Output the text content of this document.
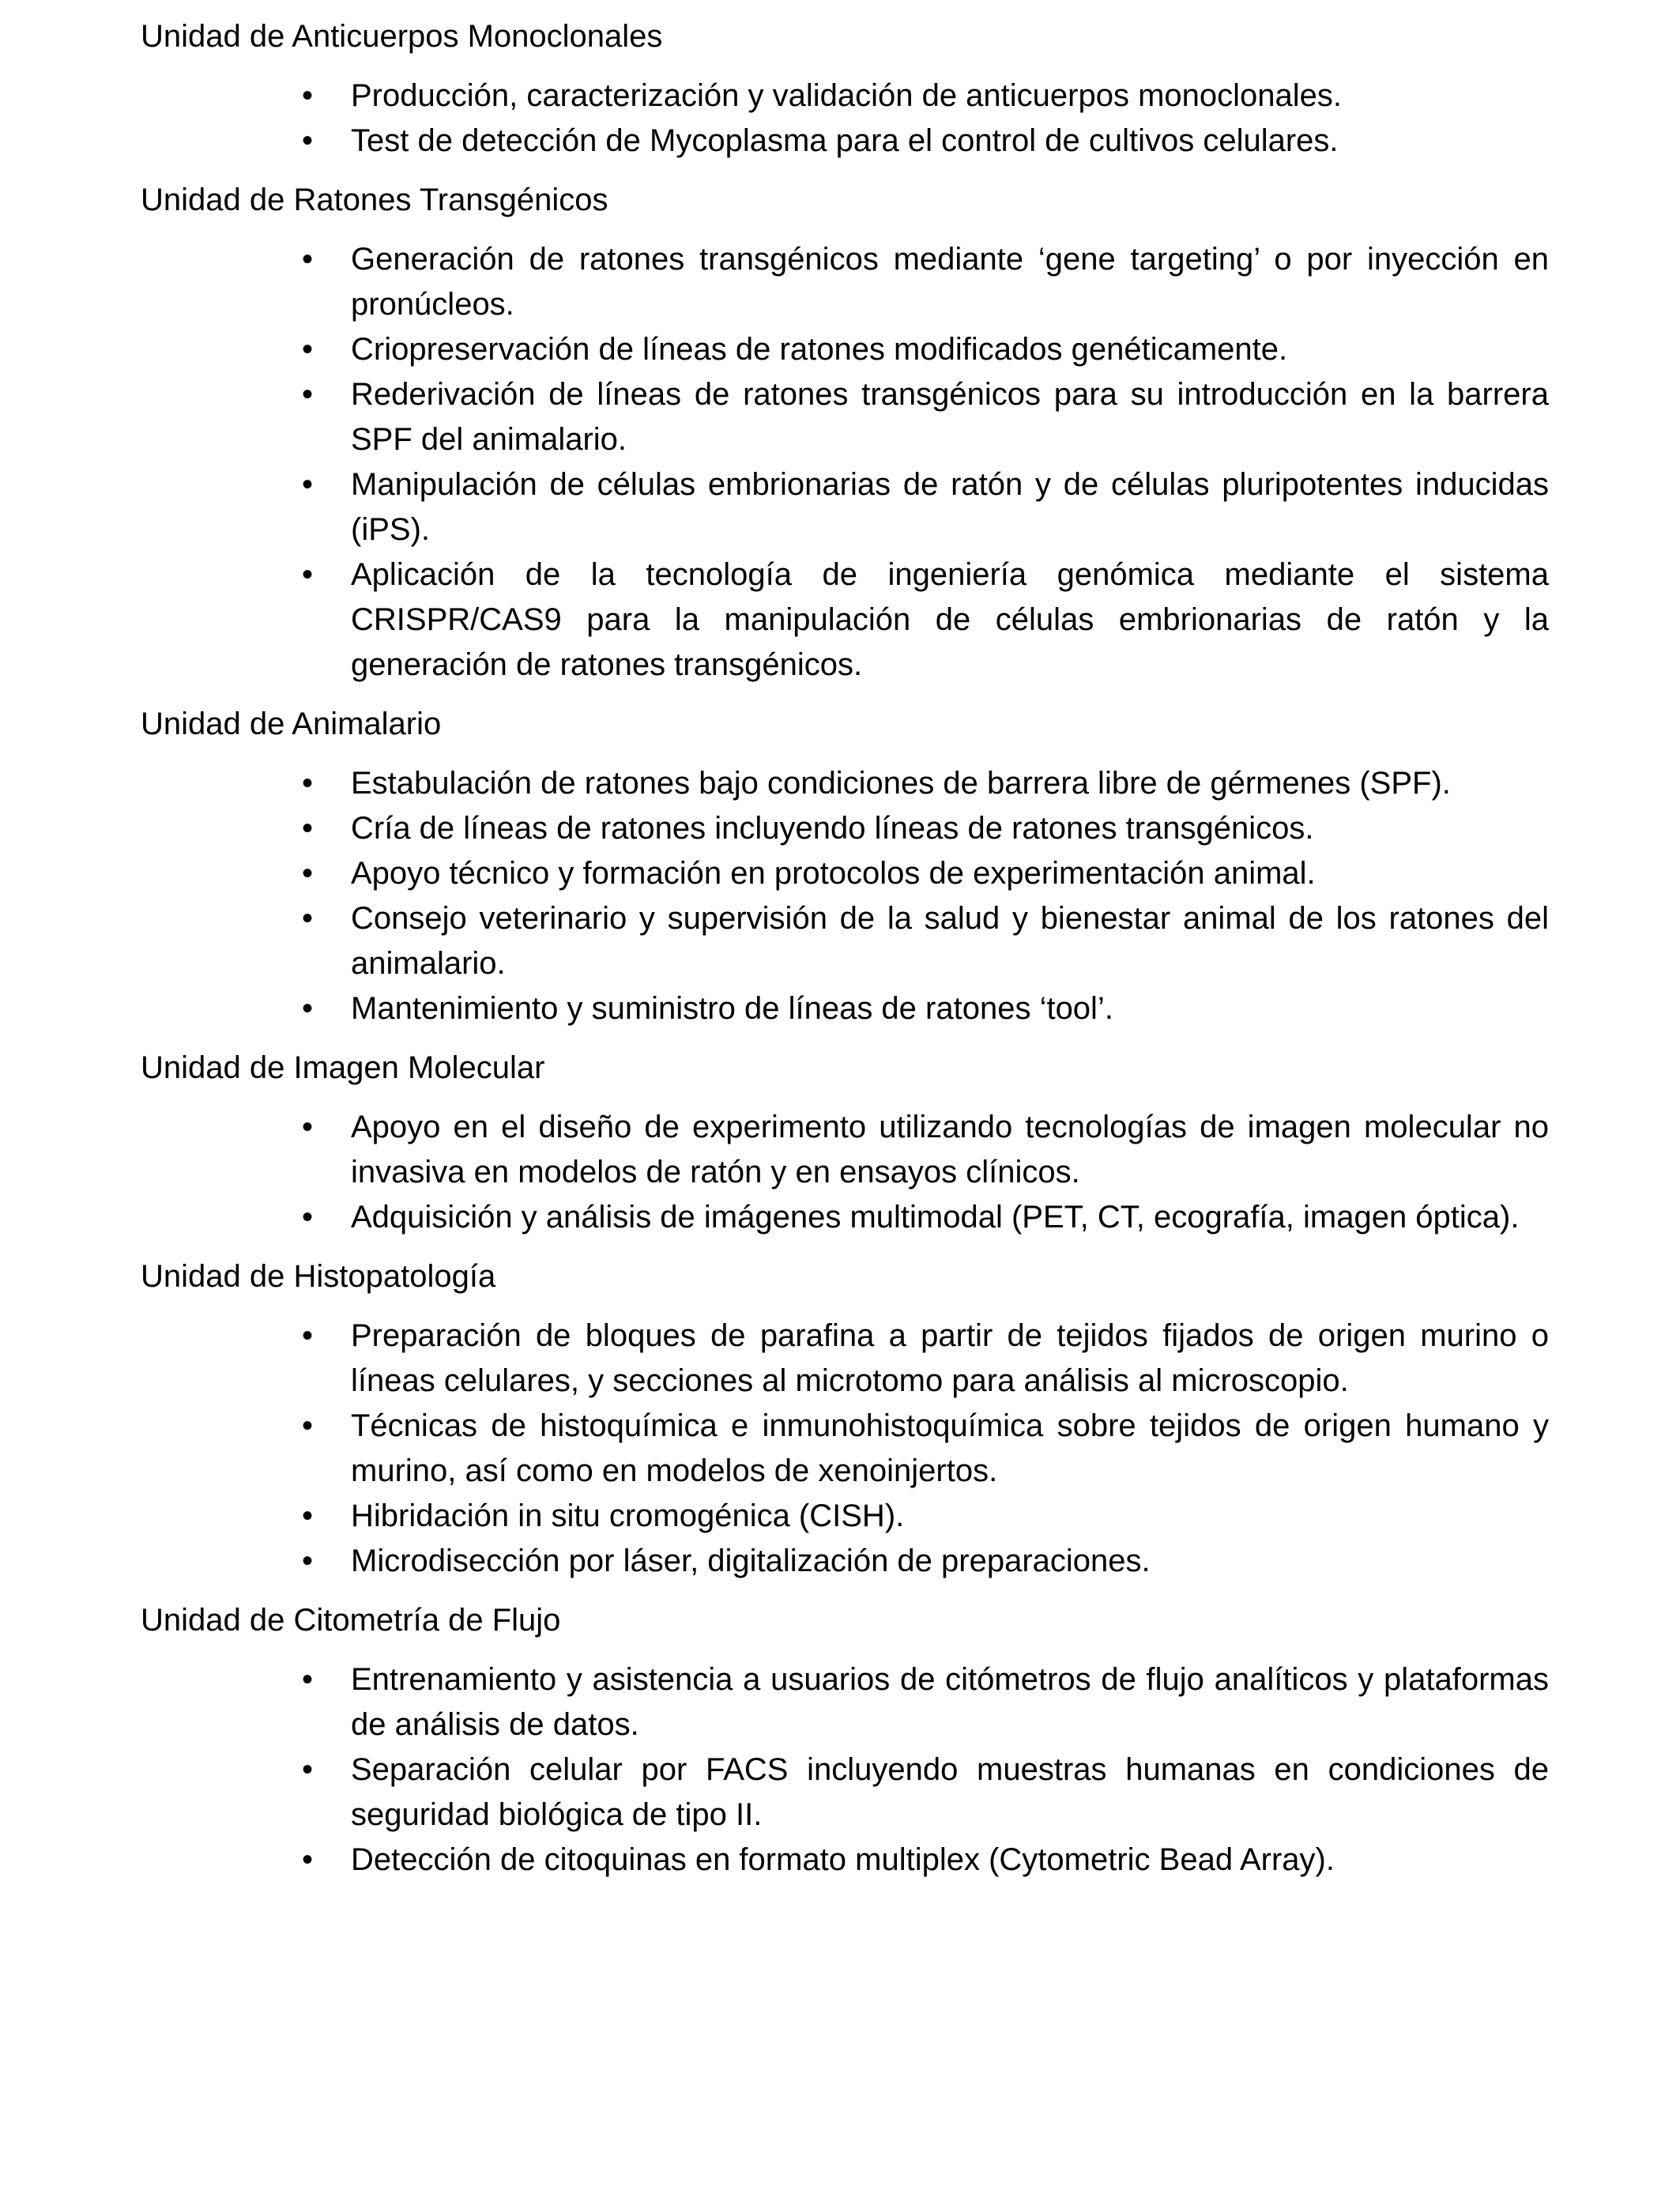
Unidad de Anticuerpos Monoclonales

• Producción, caracterización y validación de anticuerpos monoclonales.
• Test de detección de Mycoplasma para el control de cultivos celulares.

Unidad de Ratones Transgénicos

• Generación de ratones transgénicos mediante ‘gene targeting’ o por inyección en pronúcleos.
• Criopreservación de líneas de ratones modificados genéticamente.
• Rederivación de líneas de ratones transgénicos para su introducción en la barrera SPF del animalario.
• Manipulación de células embrionarias de ratón y de células pluripotentes inducidas (iPS).
• Aplicación de la tecnología de ingeniería genómica mediante el sistema CRISPR/CAS9 para la manipulación de células embrionarias de ratón y la generación de ratones transgénicos.

Unidad de Animalario

• Estabulación de ratones bajo condiciones de barrera libre de gérmenes (SPF).
• Cría de líneas de ratones incluyendo líneas de ratones transgénicos.
• Apoyo técnico y formación en protocolos de experimentación animal.
• Consejo veterinario y supervisión de la salud y bienestar animal de los ratones del animalario.
• Mantenimiento y suministro de líneas de ratones ‘tool’.

Unidad de Imagen Molecular

• Apoyo en el diseño de experimento utilizando tecnologías de imagen molecular no invasiva en modelos de ratón y en ensayos clínicos.
• Adquisición y análisis de imágenes multimodal (PET, CT, ecografía, imagen óptica).

Unidad de Histopatología

• Preparación de bloques de parafina a partir de tejidos fijados de origen murino o líneas celulares, y secciones al microtomo para análisis al microscopio.
• Técnicas de histoquímica e inmunohistoquímica sobre tejidos de origen humano y murino, así como en modelos de xenoinjertos.
• Hibridación in situ cromogénica (CISH).
• Microdisección por láser, digitalización de preparaciones.

Unidad de Citometría de Flujo

• Entrenamiento y asistencia a usuarios de citómetros de flujo analíticos y plataformas de análisis de datos.
• Separación celular por FACS incluyendo muestras humanas en condiciones de seguridad biológica de tipo II.
• Detección de citoquinas en formato multiplex (Cytometric Bead Array).
